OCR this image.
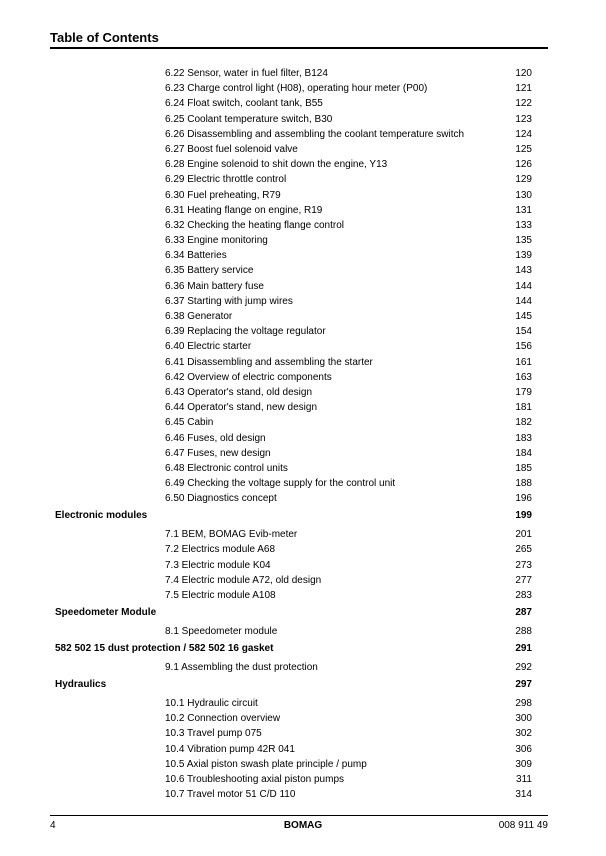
Table of Contents
6.22 Sensor, water in fuel filter, B124	120
6.23 Charge control light (H08), operating hour meter (P00)	121
6.24 Float switch, coolant tank, B55	122
6.25 Coolant temperature switch, B30	123
6.26 Disassembling and assembling the coolant temperature switch	124
6.27 Boost fuel solenoid valve	125
6.28 Engine solenoid to shit down the engine, Y13	126
6.29 Electric throttle control	129
6.30 Fuel preheating, R79	130
6.31 Heating flange on engine, R19	131
6.32 Checking the heating flange control	133
6.33 Engine monitoring	135
6.34 Batteries	139
6.35 Battery service	143
6.36 Main battery fuse	144
6.37 Starting with jump wires	144
6.38 Generator	145
6.39 Replacing the voltage regulator	154
6.40 Electric starter	156
6.41 Disassembling and assembling the starter	161
6.42 Overview of electric components	163
6.43 Operator's stand, old design	179
6.44 Operator's stand, new design	181
6.45 Cabin	182
6.46 Fuses, old design	183
6.47 Fuses, new design	184
6.48 Electronic control units	185
6.49 Checking the voltage supply for the control unit	188
6.50 Diagnostics concept	196
Electronic modules	199
7.1 BEM, BOMAG Evib-meter	201
7.2 Electrics module A68	265
7.3 Electric module K04	273
7.4 Electric module A72, old design	277
7.5 Electric module A108	283
Speedometer Module	287
8.1 Speedometer module	288
582 502 15 dust protection / 582 502 16 gasket	291
9.1 Assembling the dust protection	292
Hydraulics	297
10.1 Hydraulic circuit	298
10.2 Connection overview	300
10.3 Travel pump 075	302
10.4 Vibration pump 42R 041	306
10.5 Axial piston swash plate principle / pump	309
10.6 Troubleshooting axial piston pumps	311
10.7 Travel motor 51 C/D 110	314
4	BOMAG	008 911 49
